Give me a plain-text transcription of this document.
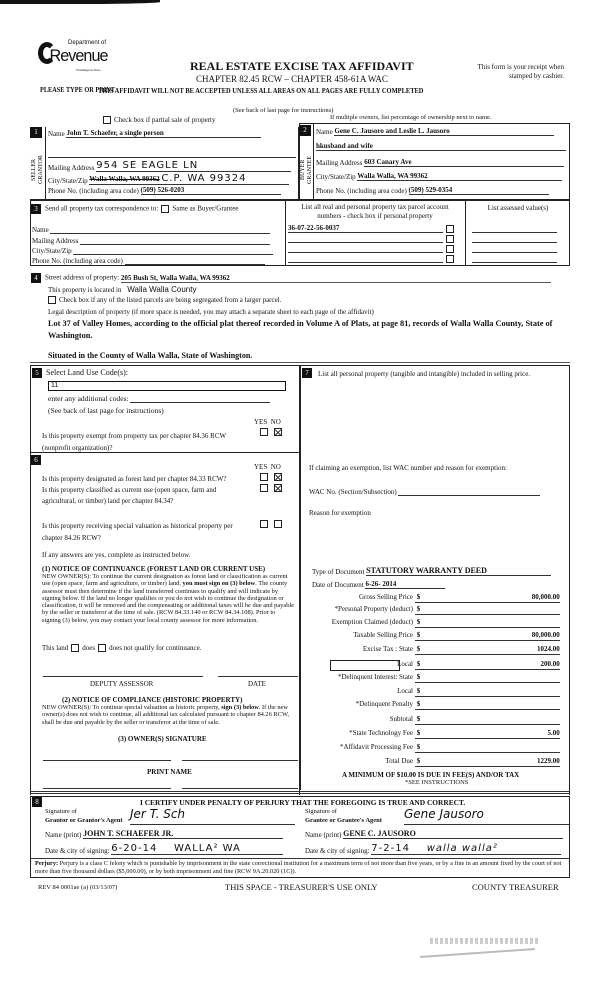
Department of
Revenue
Washington State
PLEASE TYPE OR PRINT
REAL ESTATE EXCISE TAX AFFIDAVIT
CHAPTER 82.45 RCW – CHAPTER 458-61A WAC
THIS AFFIDAVIT WILL NOT BE ACCEPTED UNLESS ALL AREAS ON ALL PAGES ARE FULLY COMPLETED
(See back of last page for instructions)
This form is your receipt when stamped by cashier.
Check box if partial sale of property	If multiple owners, list percentage of ownership next to name.
1
SELLER GRANTOR
Name John T. Schaefer, a single person
Mailing Address 954 SE EAGLE LN
City/State/Zip Walla Walla, WA 99362 C.P. WA 99324
Phone No. (including area code) (509) 526-0203
2
BUYER GRANTEE
Name Gene C. Jausoro and Leslie L. Jausoro
hkusband and wife
Mailing Address 603 Canary Ave
City/State/Zip Walla Walla, WA 99362
Phone No. (including area code) (509) 529-0354
3 Send all property tax correspondence to: Same as Buyer/Grantee
Name
Mailing Address
City/State/Zip
Phone No. (including area code)
List all real and personal property tax parcel account numbers - check box if personal property
36-07-22-56-0037
List assessed value(s)
4 Street address of property: 205 Bush St, Walla Walla, WA 99362
This property is located in Walla Walla County
Check box if any of the listed parcels are being segregated from a larger parcel.
Legal description of property (if more space is needed, you may attach a separate sheet to each page of the affidavit)
Lot 37 of Valley Homes, according to the official plat thereof recorded in Volume A of Plats, at page 81, records of Walla Walla County, State of Washington.
Situated in the County of Walla Walla, State of Washington.
5 Select Land Use Code(s):
11
enter any additional codes:
(See back of last page for instructions)
YES NO
Is this property exempt from property tax per chapter 84.36 RCW (nonprofit organization)?
6
YES NO
Is this property designated as forest land per chapter 84.33 RCW?
Is this property classified as current use (open space, farm and agricultural, or timber) land per chapter 84.34?
Is this property receiving special valuation as historical property per chapter 84.26 RCW?
If any answers are yes, complete as instructed below.
(1) NOTICE OF CONTINUANCE (FOREST LAND OR CURRENT USE)
NEW OWNER(S): To continue the current designation as forest land or classification as current use (open space, farm and agriculture, or timber) land, you must sign on (3) below. The county assessor must then determine if the land transferred continues to qualify and will indicate by signing below. If the land no longer qualifies or you do not wish to continue the designation or classification, it will be removed and the compensating or additional taxes will be due and payable by the seller or transferor at the time of sale. (RCW 84.33.140 or RCW 84.34.108). Prior to signing (3) below, you may contact your local county assessor for more information.
This land does does not qualify for continuance.
DEPUTY ASSESSOR	DATE
(2) NOTICE OF COMPLIANCE (HISTORIC PROPERTY)
NEW OWNER(S): To continue special valuation as historic property, sign (3) below. If the new owner(s) does not wish to continue, all additional tax calculated pursuant to chapter 84.26 RCW, shall be due and payable by the seller or transferor at the time of sale.
(3) OWNER(S) SIGNATURE
PRINT NAME
7	List all personal property (tangible and intangible) included in selling price.
If claiming an exemption, list WAC number and reason for exemption:
WAC No. (Section/Subsection)
Reason for exemption
Type of Document STATUTORY WARRANTY DEED
Date of Document 6-26- 2014
Gross Selling Price $	80,000.00
*Personal Property (deduct) $
Exemption Claimed (deduct) $
Taxable Selling Price $	80,000.00
Excise Tax : State $	1024.00
Local $	200.00
*Delinquent Interest: State $
Local $
*Delinquent Penalty $
Subtotal $
*State Technology Fee $	5.00
*Affidavit Processing Fee $
Total Due $	1229.00
A MINIMUM OF $10.00 IS DUE IN FEE(S) AND/OR TAX
*SEE INSTRUCTIONS
8	I CERTIFY UNDER PENALTY OF PERJURY THAT THE FOREGOING IS TRUE AND CORRECT.
Signature of
Grantor or Grantor's Agent Jer T. Sch	Signature of
Grantee or Grantee's Agent Gene Jausoro
Name (print) JOHN T. SCHAEFER JR.	Name (print) GENE C. JAUSORO
Date & city of signing: 6-20-14 WALLA² WA	Date & city of signing: 7-2-14 walla walla²
Perjury: Perjury is a class C felony which is punishable by imprisonment in the state correctional institution for a maximum term of not more than five years, or by a fine in an amount fixed by the court of not more than five thousand dollars ($5,000.00), or by both imprisonment and fine (RCW 9A.20.020 (1C)).
REV 84 0001ae (a) (03/13/07)	THIS SPACE - TREASURER'S USE ONLY	COUNTY TREASURER
